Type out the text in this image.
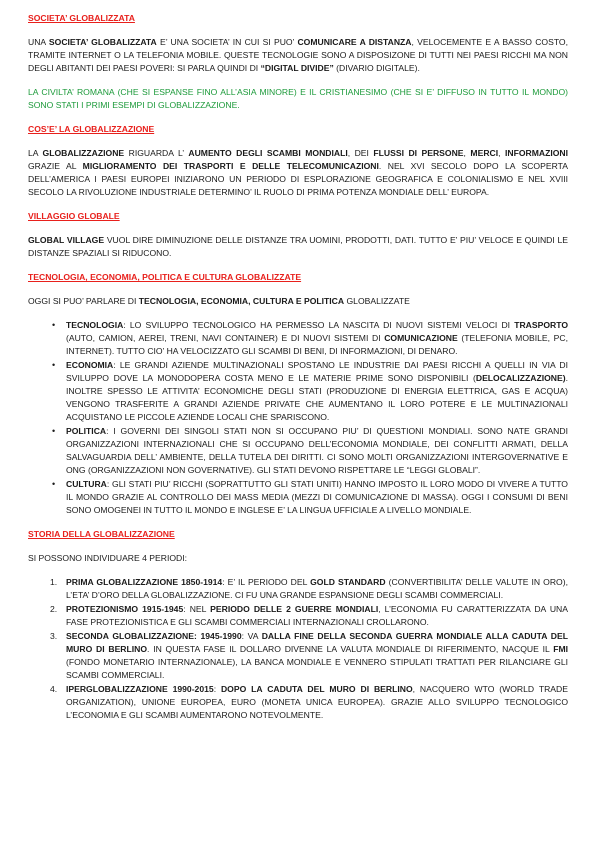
SOCIETA’ GLOBALIZZATA

UNA SOCIETA’ GLOBALIZZATA E’ UNA SOCIETA’ IN CUI SI PUO’ COMUNICARE A DISTANZA, VELOCEMENTE E A BASSO COSTO, TRAMITE INTERNET O LA TELEFONIA MOBILE. QUESTE TECNOLOGIE SONO A DISPOSIZONE DI TUTTI NEI PAESI RICCHI MA NON DEGLI ABITANTI DEI PAESI POVERI: SI PARLA QUINDI DI “DIGITAL DIVIDE” (DIVARIO DIGITALE).

LA CIVILTA’ ROMANA (CHE SI ESPANSE FINO ALL’ASIA MINORE) E IL CRISTIANESIMO (CHE SI E’ DIFFUSO IN TUTTO IL MONDO) SONO STATI I PRIMI ESEMPI DI GLOBALIZZAZIONE.

COS’E’ LA GLOBALIZZAZIONE

LA GLOBALIZZAZIONE RIGUARDA L’ AUMENTO DEGLI SCAMBI MONDIALI, DEI FLUSSI DI PERSONE, MERCI, INFORMAZIONI GRAZIE AL MIGLIORAMENTO DEI TRASPORTI E DELLE TELECOMUNICAZIONI. NEL XVI SECOLO DOPO LA SCOPERTA DELL’AMERICA I PAESI EUROPEI INIZIARONO UN PERIODO DI ESPLORAZIONE GEOGRAFICA E COLONIALISMO E NEL XVIII SECOLO LA RIVOLUZIONE INDUSTRIALE DETERMINO’ IL RUOLO DI PRIMA POTENZA MONDIALE DELL’ EUROPA.

VILLAGGIO GLOBALE

GLOBAL VILLAGE VUOL DIRE DIMINUZIONE DELLE DISTANZE TRA UOMINI, PRODOTTI, DATI. TUTTO E’ PIU’ VELOCE E QUINDI LE DISTANZE SPAZIALI SI RIDUCONO.

TECNOLOGIA, ECONOMIA, POLITICA E CULTURA GLOBALIZZATE

OGGI SI PUO’ PARLARE DI TECNOLOGIA, ECONOMIA, CULTURA E POLITICA GLOBALIZZATE

• TECNOLOGIA: LO SVILUPPO TECNOLOGICO HA PERMESSO LA NASCITA DI NUOVI SISTEMI VELOCI DI TRASPORTO (AUTO, CAMION, AEREI, TRENI, NAVI CONTAINER) E DI NUOVI SISTEMI DI COMUNICAZIONE (TELEFONIA MOBILE, PC, INTERNET). TUTTO CIO’ HA VELOCIZZATO GLI SCAMBI DI BENI, DI INFORMAZIONI, DI DENARO.
• ECONOMIA: LE GRANDI AZIENDE MULTINAZIONALI SPOSTANO LE INDUSTRIE DAI PAESI RICCHI A QUELLI IN VIA DI SVILUPPO DOVE LA MONODOPERA COSTA MENO E LE MATERIE PRIME SONO DISPONIBILI (DELOCALIZZAZIONE). INOLTRE SPESSO LE ATTIVITA’ ECONOMICHE DEGLI STATI (PRODUZIONE DI ENERGIA ELETTRICA, GAS E ACQUA) VENGONO TRASFERITE A GRANDI AZIENDE PRIVATE CHE AUMENTANO IL LORO POTERE E LE MULTINAZIONALI ACQUISTANO LE PICCOLE AZIENDE LOCALI CHE SPARISCONO.
• POLITICA: I GOVERNI DEI SINGOLI STATI NON SI OCCUPANO PIU’ DI QUESTIONI MONDIALI. SONO NATE GRANDI ORGANIZZAZIONI INTERNAZIONALI CHE SI OCCUPANO DELL’ECONOMIA MONDIALE, DEI CONFLITTI ARMATI, DELLA SALVAGUARDIA DELL’ AMBIENTE, DELLA TUTELA DEI DIRITTI. CI SONO MOLTI ORGANIZZAZIONI INTERGOVERNATIVE E ONG (ORGANIZZAZIONI NON GOVERNATIVE). GLI STATI DEVONO RISPETTARE LE “LEGGI GLOBALI”.
• CULTURA: GLI STATI PIU’ RICCHI (SOPRATTUTTO GLI STATI UNITI) HANNO IMPOSTO IL LORO MODO DI VIVERE A TUTTO IL MONDO GRAZIE AL CONTROLLO DEI MASS MEDIA (MEZZI DI COMUNICAZIONE DI MASSA). OGGI I CONSUMI DI BENI SONO OMOGENEI IN TUTTO IL MONDO E INGLESE E’ LA LINGUA UFFICIALE A LIVELLO MONDIALE.
STORIA DELLA GLOBALIZZAZIONE

SI POSSONO INDIVIDUARE 4 PERIODI:

1. PRIMA GLOBALIZZAZIONE 1850-1914: E’ IL PERIODO DEL GOLD STANDARD (CONVERTIBILITA’ DELLE VALUTE IN ORO), L’ETA’ D’ORO DELLA GLOBALIZZAZIONE. CI FU UNA GRANDE ESPANSIONE DEGLI SCAMBI COMMERCIALI.
2. PROTEZIONISMO 1915-1945: NEL PERIODO DELLE 2 GUERRE MONDIALI, L’ECONOMIA FU CARATTERIZZATA DA UNA FASE PROTEZIONISTICA E GLI SCAMBI COMMERCIALI INTERNAZIONALI CROLLARONO.
3. SECONDA GLOBALIZZAZIONE: 1945-1990: VA DALLA FINE DELLA SECONDA GUERRA MONDIALE ALLA CADUTA DEL MURO DI BERLINO. IN QUESTA FASE IL DOLLARO DIVENNE LA VALUTA MONDIALE DI RIFERIMENTO, NACQUE IL FMI (FONDO MONETARIO INTERNAZIONALE), LA BANCA MONDIALE E VENNERO STIPULATI TRATTATI PER RILANCIARE GLI SCAMBI COMMERCIALI.
4. IPERGLOBALIZZAZIONE 1990-2015: DOPO LA CADUTA DEL MURO DI BERLINO, NACQUERO WTO (WORLD TRADE ORGANIZATION), UNIONE EUROPEA, EURO (MONETA UNICA EUROPEA). GRAZIE ALLO SVILUPPO TECNOLOGICO L’ECONOMIA E GLI SCAMBI AUMENTARONO NOTEVOLMENTE.
